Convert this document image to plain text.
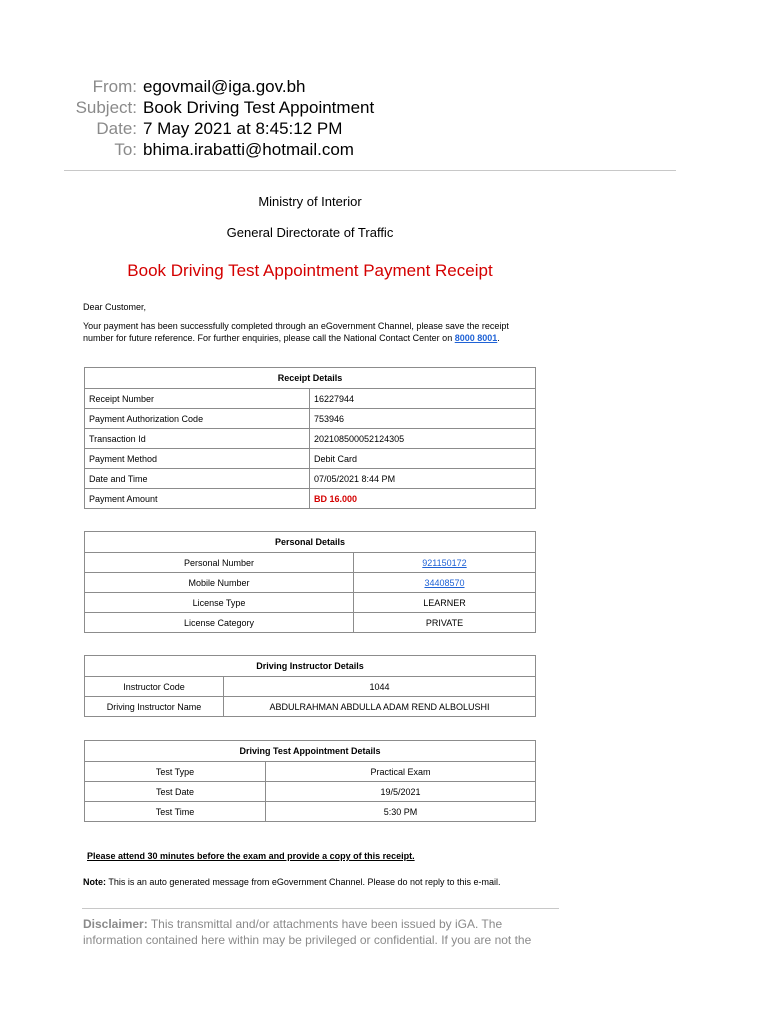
From: egovmail@iga.gov.bh
Subject: Book Driving Test Appointment
Date: 7 May 2021 at 8:45:12 PM
To: bhima.irabatti@hotmail.com
Ministry of Interior
General Directorate of Traffic
Book Driving Test Appointment Payment Receipt
Dear Customer,
Your payment has been successfully completed through an eGovernment Channel, please save the receipt number for future reference. For further enquiries, please call the National Contact Center on 8000 8001.
Receipt Details	
Receipt Number	16227944
Payment Authorization Code	753946
Transaction Id	202108500052124305
Payment Method	Debit Card
Date and Time	07/05/2021 8:44 PM
Payment Amount	BD 16.000
Personal Details	
Personal Number	921150172
Mobile Number	34408570
License Type	LEARNER
License Category	PRIVATE
Driving Instructor Details	
Instructor Code	1044
Driving Instructor Name	ABDULRAHMAN ABDULLA ADAM REND ALBOLUSHI
Driving Test Appointment Details	
Test Type	Practical Exam
Test Date	19/5/2021
Test Time	5:30 PM
Please attend 30 minutes before the exam and provide a copy of this receipt.
Note: This is an auto generated message from eGovernment Channel. Please do not reply to this e-mail.
Disclaimer: This transmittal and/or attachments have been issued by iGA. The information contained here within may be privileged or confidential. If you are not the
